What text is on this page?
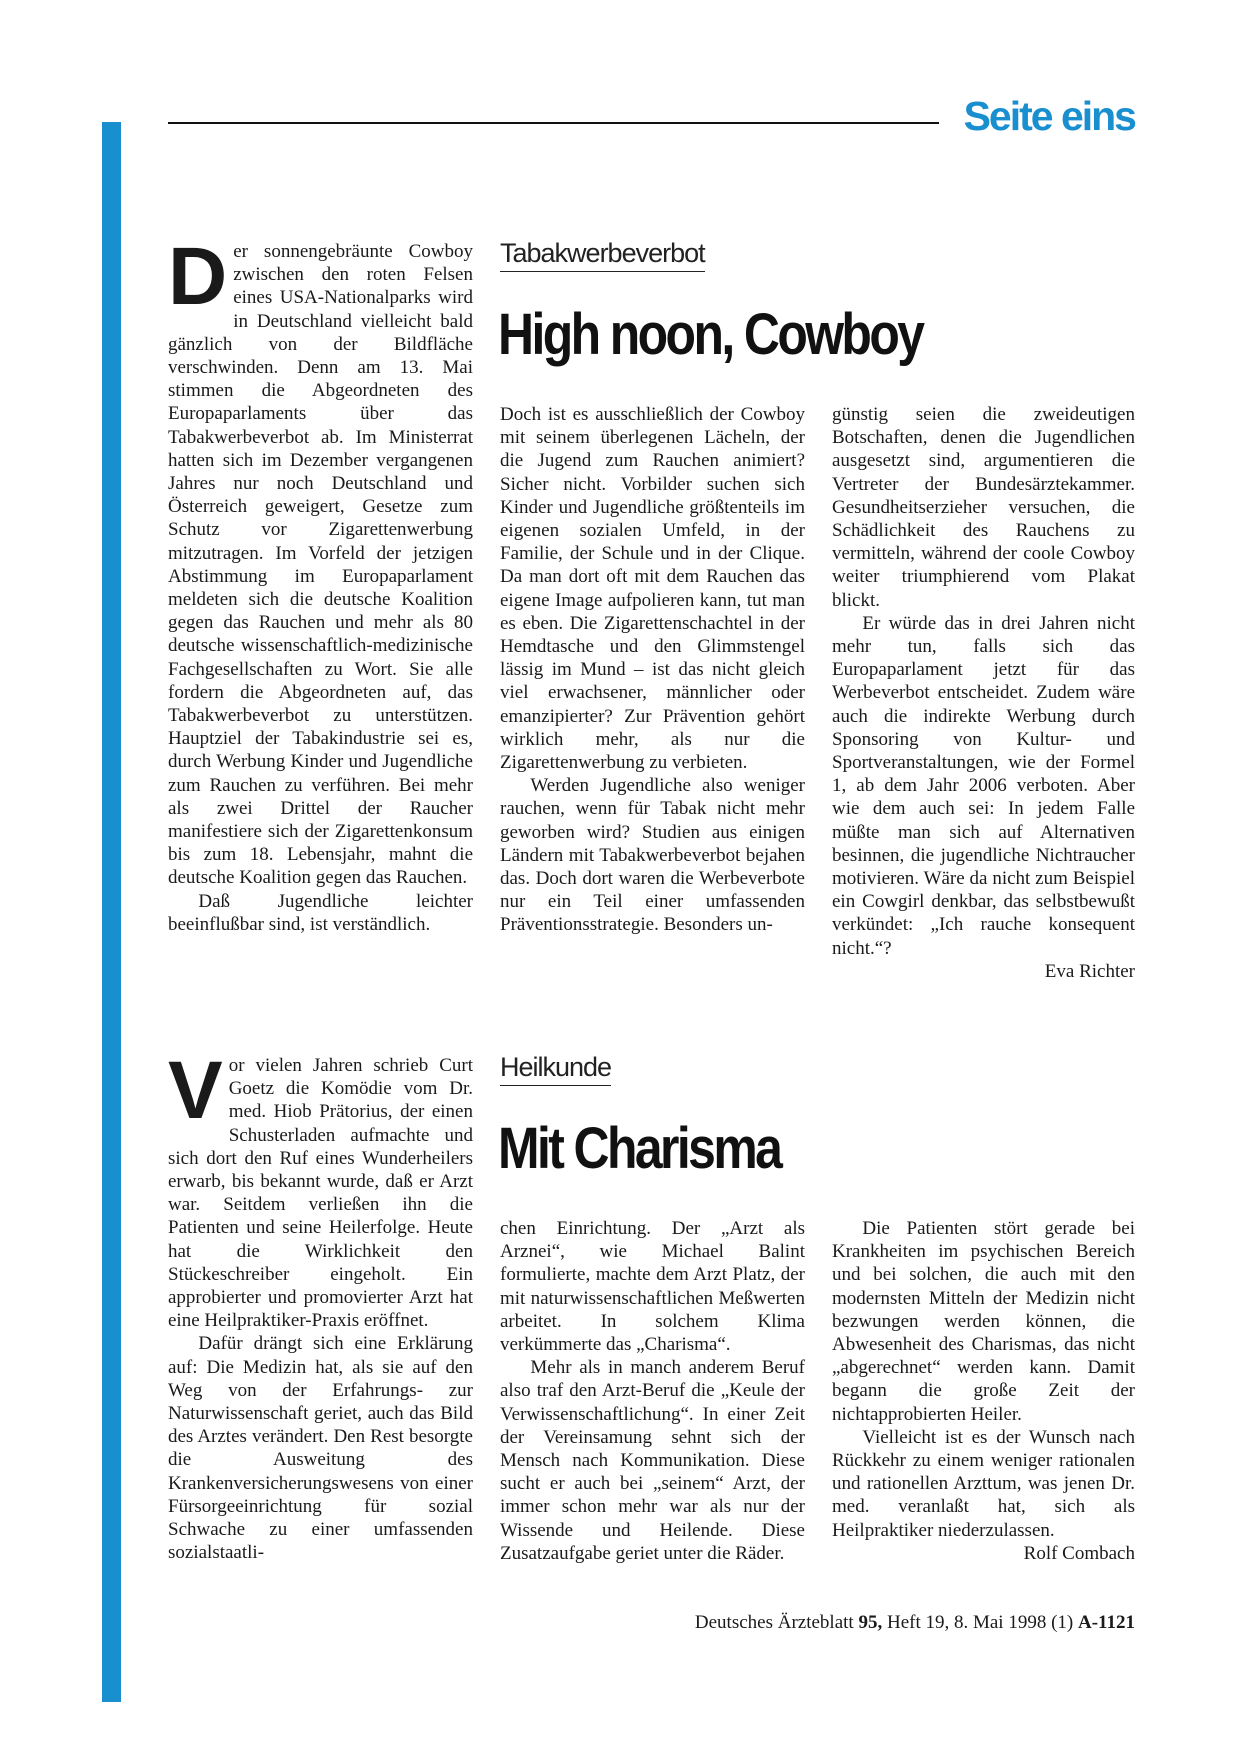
Seite eins
D er sonnengebräunte Cowboy zwischen den roten Felsen eines USA-Nationalparks wird in Deutschland vielleicht bald gänzlich von der Bildfläche verschwinden. Denn am 13. Mai stimmen die Abgeordneten des Europaparlaments über das Tabakwerbeverbot ab. Im Ministerrat hatten sich im Dezember vergangenen Jahres nur noch Deutschland und Österreich geweigert, Gesetze zum Schutz vor Zigarettenwerbung mitzutragen. Im Vorfeld der jetzigen Abstimmung im Europaparlament meldeten sich die deutsche Koalition gegen das Rauchen und mehr als 80 deutsche wissenschaftlich-medizinische Fachgesellschaften zu Wort. Sie alle fordern die Abgeordneten auf, das Tabakwerbeverbot zu unterstützen. Hauptziel der Tabakindustrie sei es, durch Werbung Kinder und Jugendliche zum Rauchen zu verführen. Bei mehr als zwei Drittel der Raucher manifestiere sich der Zigarettenkonsum bis zum 18. Lebensjahr, mahnt die deutsche Koalition gegen das Rauchen.

Daß Jugendliche leichter beeinflußbar sind, ist verständlich.

Tabakwerbeverbot
High noon, Cowboy

Doch ist es ausschließlich der Cowboy mit seinem überlegenen Lächeln, der die Jugend zum Rauchen animiert? Sicher nicht. Vorbilder suchen sich Kinder und Jugendliche größtenteils im eigenen sozialen Umfeld, in der Familie, der Schule und in der Clique. Da man dort oft mit dem Rauchen das eigene Image aufpolieren kann, tut man es eben. Die Zigarettenschachtel in der Hemdtasche und den Glimmstengel lässig im Mund – ist das nicht gleich viel erwachsener, männlicher oder emanzipierter? Zur Prävention gehört wirklich mehr, als nur die Zigarettenwerbung zu verbieten.

Werden Jugendliche also weniger rauchen, wenn für Tabak nicht mehr geworben wird? Studien aus einigen Ländern mit Tabakwerbeverbot bejahen das. Doch dort waren die Werbeverbote nur ein Teil einer umfassenden Präventionsstrategie. Besonders un-

günstig seien die zweideutigen Botschaften, denen die Jugendlichen ausgesetzt sind, argumentieren die Vertreter der Bundesärztekammer. Gesundheitserzieher versuchen, die Schädlichkeit des Rauchens zu vermitteln, während der coole Cowboy weiter triumphierend vom Plakat blickt.

Er würde das in drei Jahren nicht mehr tun, falls sich das Europaparlament jetzt für das Werbeverbot entscheidet. Zudem wäre auch die indirekte Werbung durch Sponsoring von Kultur- und Sportveranstaltungen, wie der Formel 1, ab dem Jahr 2006 verboten. Aber wie dem auch sei: In jedem Falle müßte man sich auf Alternativen besinnen, die jugendliche Nichtraucher motivieren. Wäre da nicht zum Beispiel ein Cowgirl denkbar, das selbstbewußt verkündet: „Ich rauche konsequent nicht.“?

Eva Richter
V or vielen Jahren schrieb Curt Goetz die Komödie vom Dr. med. Hiob Prätorius, der einen Schusterladen aufmachte und sich dort den Ruf eines Wunderheilers erwarb, bis bekannt wurde, daß er Arzt war. Seitdem verließen ihn die Patienten und seine Heilerfolge. Heute hat die Wirklichkeit den Stückeschreiber eingeholt. Ein approbierter und promovierter Arzt hat eine Heilpraktiker-Praxis eröffnet.

Dafür drängt sich eine Erklärung auf: Die Medizin hat, als sie auf den Weg von der Erfahrungs- zur Naturwissenschaft geriet, auch das Bild des Arztes verändert. Den Rest besorgte die Ausweitung des Krankenversicherungswesens von einer Fürsorgeeinrichtung für sozial Schwache zu einer umfassenden sozialstaatli-

Heilkunde
Mit Charisma

chen Einrichtung. Der „Arzt als Arznei“, wie Michael Balint formulierte, machte dem Arzt Platz, der mit naturwissenschaftlichen Meßwerten arbeitet. In solchem Klima verkümmerte das „Charisma“.

Mehr als in manch anderem Beruf also traf den Arzt-Beruf die „Keule der Verwissenschaftlichung“. In einer Zeit der Vereinsamung sehnt sich der Mensch nach Kommunikation. Diese sucht er auch bei „seinem“ Arzt, der immer schon mehr war als nur der Wissende und Heilende. Diese Zusatzaufgabe geriet unter die Räder.

Die Patienten stört gerade bei Krankheiten im psychischen Bereich und bei solchen, die auch mit den modernsten Mitteln der Medizin nicht bezwungen werden können, die Abwesenheit des Charismas, das nicht „abgerechnet“ werden kann. Damit begann die große Zeit der nichtapprobierten Heiler.

Vielleicht ist es der Wunsch nach Rückkehr zu einem weniger rationalen und rationellen Arzttum, was jenen Dr. med. veranlaßt hat, sich als Heilpraktiker niederzulassen.

Rolf Combach
Deutsches Ärzteblatt 95, Heft 19, 8. Mai 1998 (1) A-1121
